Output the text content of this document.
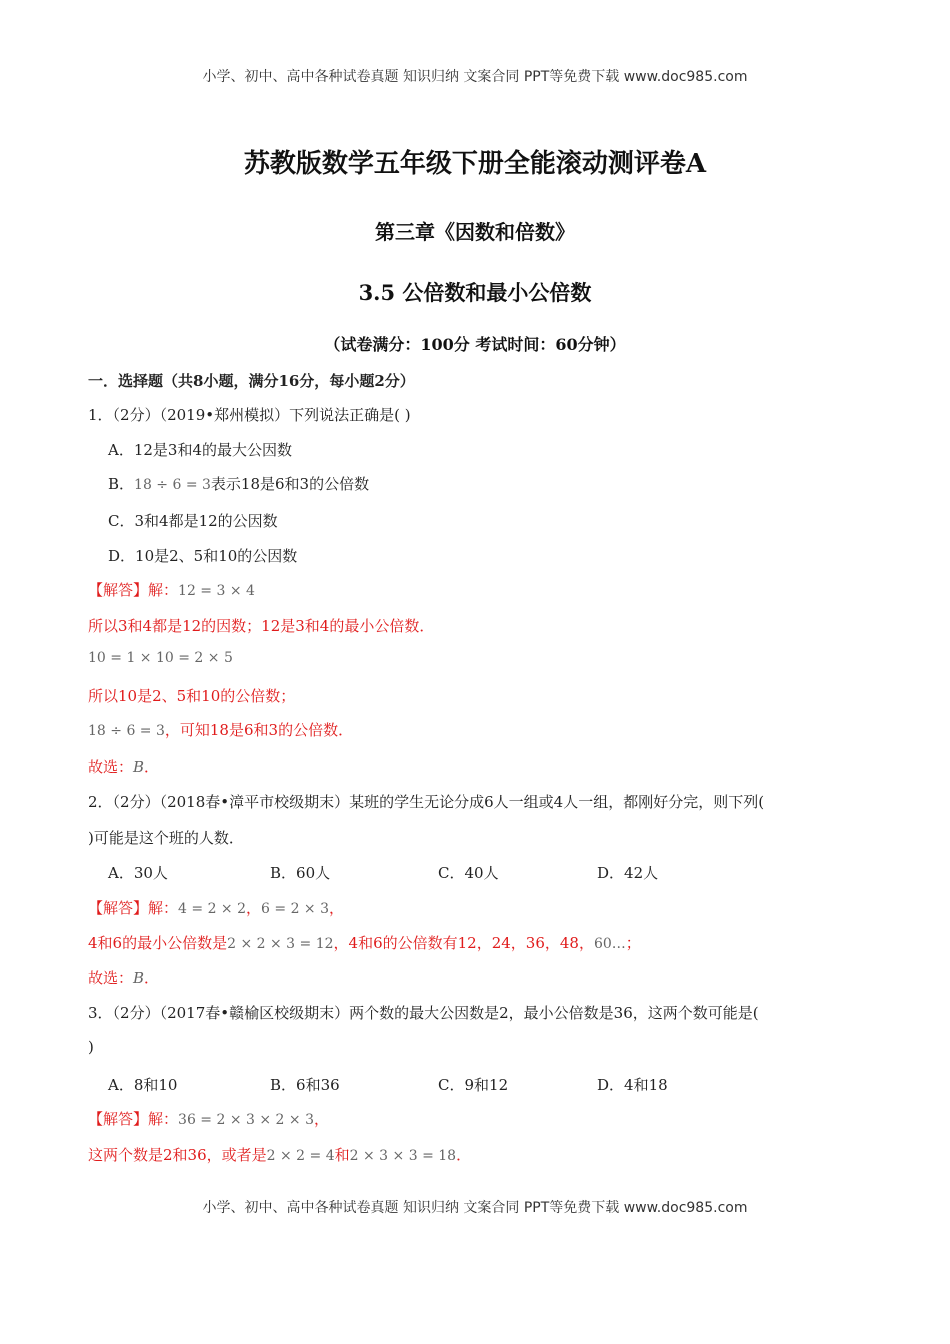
小学、初中、高中各种试卷真题 知识归纳 文案合同 PPT等免费下载 www.doc985.com
苏教版数学五年级下册全能滚动测评卷A
第三章《因数和倍数》
3.5 公倍数和最小公倍数
（试卷满分：100分 考试时间：60分钟）
一．选择题（共8小题，满分16分，每小题2分）
1．（2分）（2019•郑州模拟）下列说法正确是( )
A．12是3和4的最大公因数
B．18 ÷ 6 = 3表示18是6和3的公倍数
C．3和4都是12的公因数
D．10是2、5和10的公因数
【解答】解：12 = 3 × 4
所以3和4都是12的因数；12是3和4的最小公倍数．
10 = 1 × 10 = 2 × 5
所以10是2、5和10的公倍数；
18 ÷ 6 = 3，可知18是6和3的公倍数．
故选：B．
2．（2分）（2018春•漳平市校级期末）某班的学生无论分成6人一组或4人一组，都刚好分完，则下列(
)可能是这个班的人数．
A．30人	B．60人	C．40人	D．42人
【解答】解：4 = 2 × 2，6 = 2 × 3，
4和6的最小公倍数是2 × 2 × 3 = 12，4和6的公倍数有12，24，36，48，60…；
故选：B．
3．（2分）（2017春•赣榆区校级期末）两个数的最大公因数是2，最小公倍数是36，这两个数可能是(
)
A．8和10	B．6和36	C．9和12	D．4和18
【解答】解：36 = 2 × 3 × 2 × 3，
这两个数是2和36，或者是2 × 2 = 4和2 × 3 × 3 = 18．
小学、初中、高中各种试卷真题 知识归纳 文案合同 PPT等免费下载 www.doc985.com
